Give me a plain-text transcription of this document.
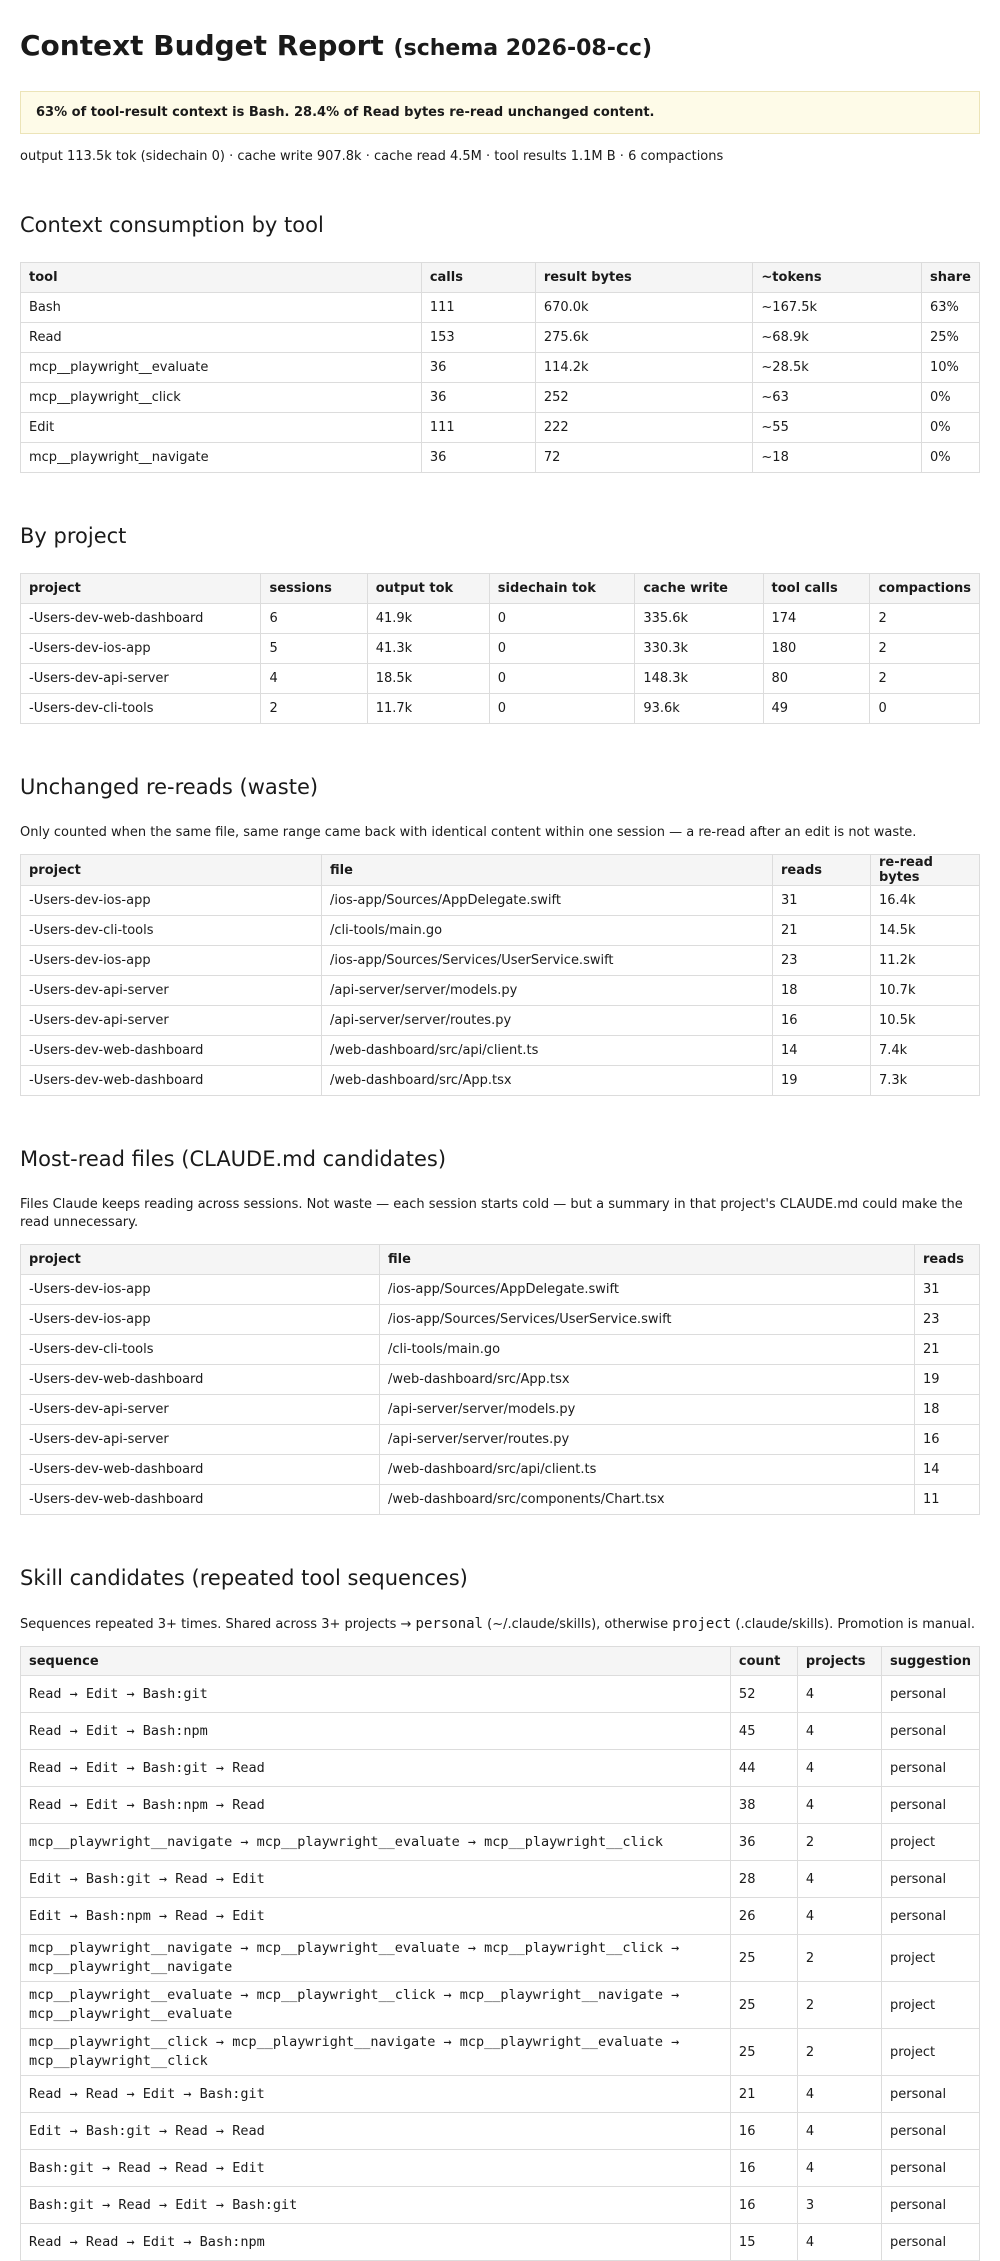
Context Budget Report (schema 2026-08-cc)
63% of tool-result context is Bash. 28.4% of Read bytes re-read unchanged content.

output 113.5k tok (sidechain 0) · cache write 907.8k · cache read 4.5M · tool results 1.1M B · 6 compactions

Context consumption by tool
tool	calls	result bytes	~tokens	share
Bash	111	670.0k	~167.5k	63%
Read	153	275.6k	~68.9k	25%
mcp__playwright__evaluate	36	114.2k	~28.5k	10%
mcp__playwright__click	36	252	~63	0%
Edit	111	222	~55	0%
mcp__playwright__navigate	36	72	~18	0%
By project
project	sessions	output tok	sidechain tok	cache write	tool calls	compactions
-Users-dev-web-dashboard	6	41.9k	0	335.6k	174	2
-Users-dev-ios-app	5	41.3k	0	330.3k	180	2
-Users-dev-api-server	4	18.5k	0	148.3k	80	2
-Users-dev-cli-tools	2	11.7k	0	93.6k	49	0
Unchanged re-reads (waste)

Only counted when the same file, same range came back with identical content within one session — a re-read after an edit is not waste.

project	file	reads	re-read bytes
-Users-dev-ios-app	/ios-app/Sources/AppDelegate.swift	31	16.4k
-Users-dev-cli-tools	/cli-tools/main.go	21	14.5k
-Users-dev-ios-app	/ios-app/Sources/Services/UserService.swift	23	11.2k
-Users-dev-api-server	/api-server/server/models.py	18	10.7k
-Users-dev-api-server	/api-server/server/routes.py	16	10.5k
-Users-dev-web-dashboard	/web-dashboard/src/api/client.ts	14	7.4k
-Users-dev-web-dashboard	/web-dashboard/src/App.tsx	19	7.3k
Most-read files (CLAUDE.md candidates)

Files Claude keeps reading across sessions. Not waste — each session starts cold — but a summary in that project's CLAUDE.md could make the read unnecessary.

project	file	reads
-Users-dev-ios-app	/ios-app/Sources/AppDelegate.swift	31
-Users-dev-ios-app	/ios-app/Sources/Services/UserService.swift	23
-Users-dev-cli-tools	/cli-tools/main.go	21
-Users-dev-web-dashboard	/web-dashboard/src/App.tsx	19
-Users-dev-api-server	/api-server/server/models.py	18
-Users-dev-api-server	/api-server/server/routes.py	16
-Users-dev-web-dashboard	/web-dashboard/src/api/client.ts	14
-Users-dev-web-dashboard	/web-dashboard/src/components/Chart.tsx	11
Skill candidates (repeated tool sequences)

Sequences repeated 3+ times. Shared across 3+ projects → personal (~/.claude/skills), otherwise project (.claude/skills). Promotion is manual.

sequence	count	projects	suggestion
Read → Edit → Bash:git	52	4	personal
Read → Edit → Bash:npm	45	4	personal
Read → Edit → Bash:git → Read	44	4	personal
Read → Edit → Bash:npm → Read	38	4	personal
mcp__playwright__navigate → mcp__playwright__evaluate → mcp__playwright__click	36	2	project
Edit → Bash:git → Read → Edit	28	4	personal
Edit → Bash:npm → Read → Edit	26	4	personal
mcp__playwright__navigate → mcp__playwright__evaluate → mcp__playwright__click → mcp__playwright__navigate	25	2	project
mcp__playwright__evaluate → mcp__playwright__click → mcp__playwright__navigate → mcp__playwright__evaluate	25	2	project
mcp__playwright__click → mcp__playwright__navigate → mcp__playwright__evaluate → mcp__playwright__click	25	2	project
Read → Read → Edit → Bash:git	21	4	personal
Edit → Bash:git → Read → Read	16	4	personal
Bash:git → Read → Read → Edit	16	4	personal
Bash:git → Read → Edit → Bash:git	16	3	personal
Read → Read → Edit → Bash:npm	15	4	personal
